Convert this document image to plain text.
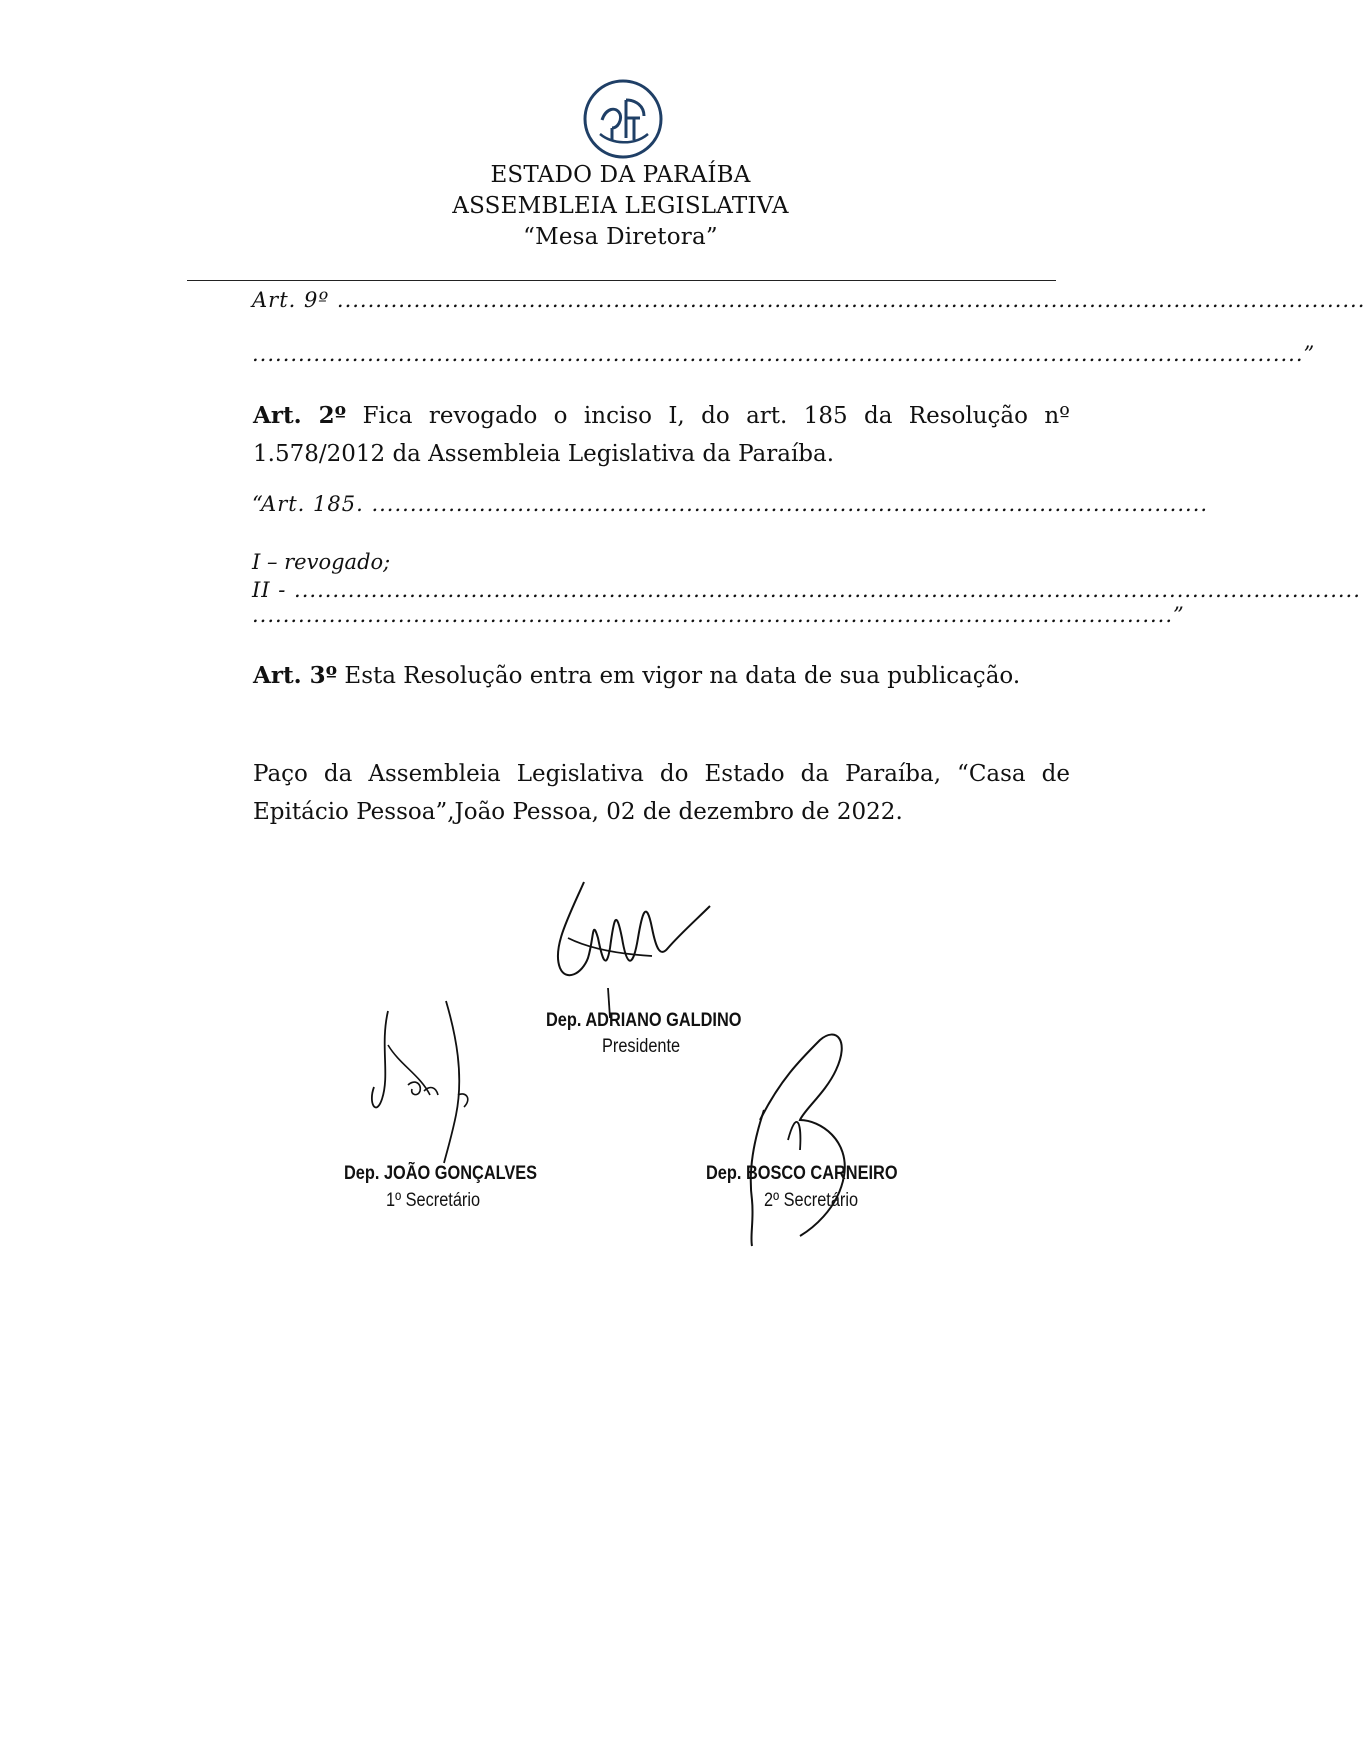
ESTADO DA PARAÍBA
ASSEMBLEIA LEGISLATIVA
“Mesa Diretora”
Art. 9º ......................................................................................................................................
.........................................................................................................................................”
Art. 2º Fica revogado o inciso I, do art. 185 da Resolução nº 1.578/2012 da Assembleia Legislativa da Paraíba.
“Art. 185. .............................................................................................................
I – revogado;
II - ...........................................................................................................................................
........................................................................................................................”
Art. 3º Esta Resolução entra em vigor na data de sua publicação.
Paço da Assembleia Legislativa do Estado da Paraíba, “Casa de Epitácio Pessoa”,João Pessoa, 02 de dezembro de 2022.
Dep. ADRIANO GALDINO
Presidente
Dep. JOÃO GONÇALVES
1º Secretário
Dep. BOSCO CARNEIRO
2º Secretário
